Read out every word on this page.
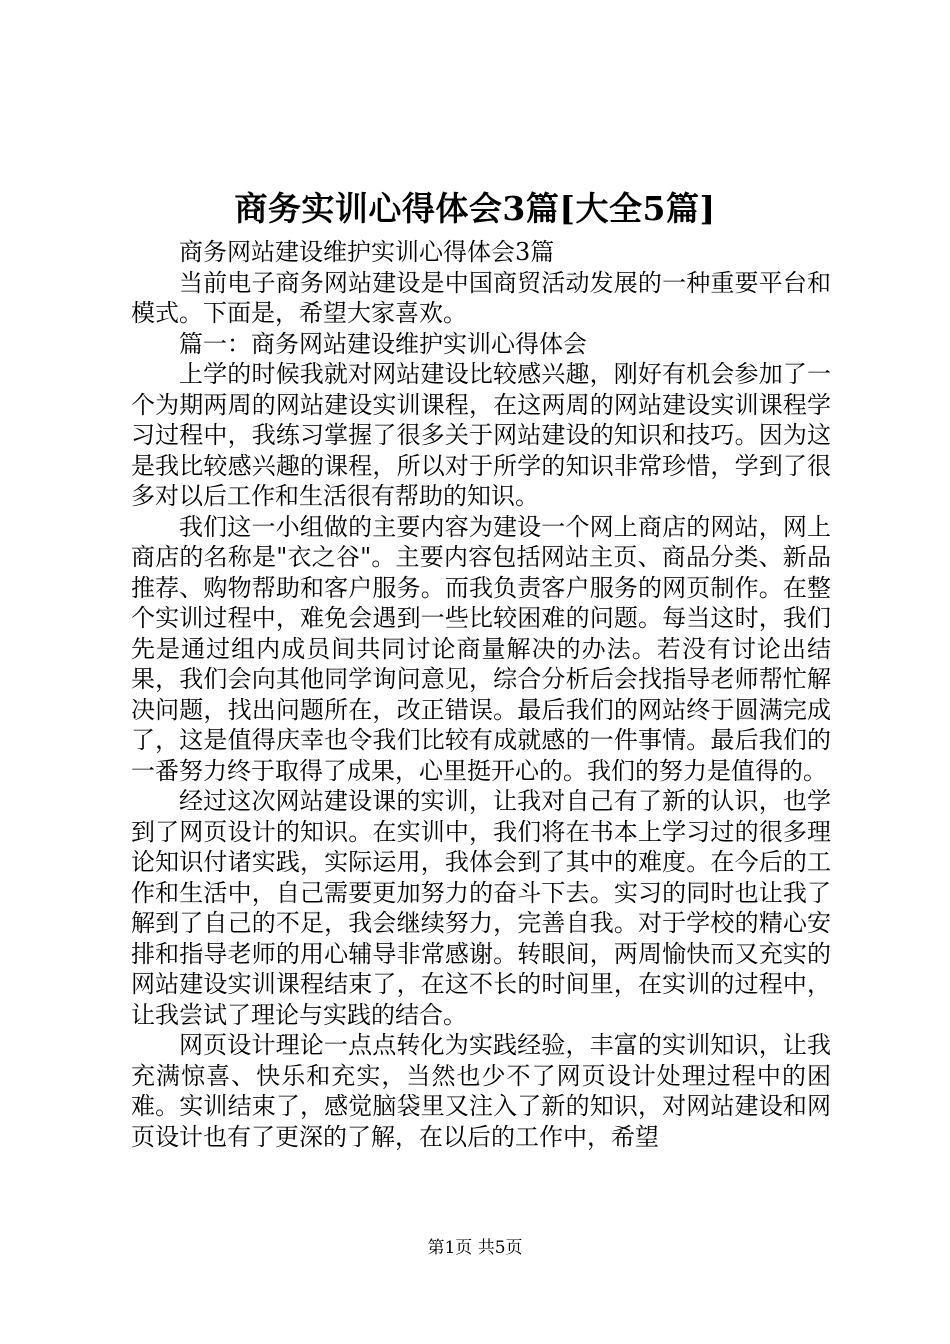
商务实训心得体会3篇[大全5篇]

商务网站建设维护实训心得体会3篇

当前电子商务网站建设是中国商贸活动发展的一种重要平台和模式。下面是，希望大家喜欢。

篇一：商务网站建设维护实训心得体会

上学的时候我就对网站建设比较感兴趣，刚好有机会参加了一个为期两周的网站建设实训课程，在这两周的网站建设实训课程学习过程中，我练习掌握了很多关于网站建设的知识和技巧。因为这是我比较感兴趣的课程，所以对于所学的知识非常珍惜，学到了很多对以后工作和生活很有帮助的知识。

我们这一小组做的主要内容为建设一个网上商店的网站，网上商店的名称是"衣之谷"。主要内容包括网站主页、商品分类、新品推荐、购物帮助和客户服务。而我负责客户服务的网页制作。在整个实训过程中，难免会遇到一些比较困难的问题。每当这时，我们先是通过组内成员间共同讨论商量解决的办法。若没有讨论出结果，我们会向其他同学询问意见，综合分析后会找指导老师帮忙解决问题，找出问题所在，改正错误。最后我们的网站终于圆满完成了，这是值得庆幸也令我们比较有成就感的一件事情。最后我们的一番努力终于取得了成果，心里挺开心的。我们的努力是值得的。

经过这次网站建设课的实训，让我对自己有了新的认识，也学到了网页设计的知识。在实训中，我们将在书本上学习过的很多理论知识付诸实践，实际运用，我体会到了其中的难度。在今后的工作和生活中，自己需要更加努力的奋斗下去。实习的同时也让我了解到了自己的不足，我会继续努力，完善自我。对于学校的精心安排和指导老师的用心辅导非常感谢。转眼间，两周愉快而又充实的网站建设实训课程结束了，在这不长的时间里，在实训的过程中，让我尝试了理论与实践的结合。

网页设计理论一点点转化为实践经验，丰富的实训知识，让我充满惊喜、快乐和充实，当然也少不了网页设计处理过程中的困难。实训结束了，感觉脑袋里又注入了新的知识，对网站建设和网页设计也有了更深的了解，在以后的工作中，希望

第1页 共5页
